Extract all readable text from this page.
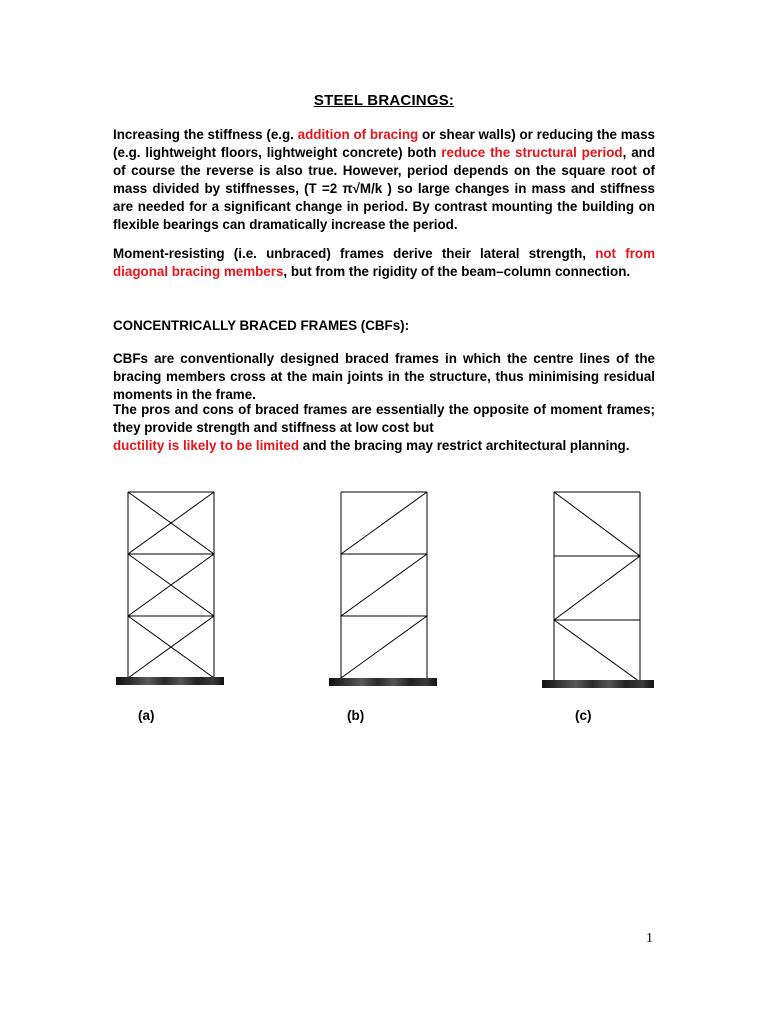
STEEL BRACINGS:

Increasing the stiffness (e.g. addition of bracing or shear walls) or reducing the mass (e.g. lightweight floors, lightweight concrete) both reduce the structural period, and of course the reverse is also true. However, period depends on the square root of mass divided by stiffnesses, (T =2 π√M/k ) so large changes in mass and stiffness are needed for a significant change in period. By contrast mounting the building on flexible bearings can dramatically increase the period.

Moment-resisting (i.e. unbraced) frames derive their lateral strength, not from diagonal bracing members, but from the rigidity of the beam–column connection.

CONCENTRICALLY BRACED FRAMES (CBFs):

CBFs are conventionally designed braced frames in which the centre lines of the bracing members cross at the main joints in the structure, thus minimising residual moments in the frame.

The pros and cons of braced frames are essentially the opposite of moment frames; they provide strength and stiffness at low cost but

ductility is likely to be limited and the bracing may restrict architectural planning.

(a)	(b)	(c)
1
